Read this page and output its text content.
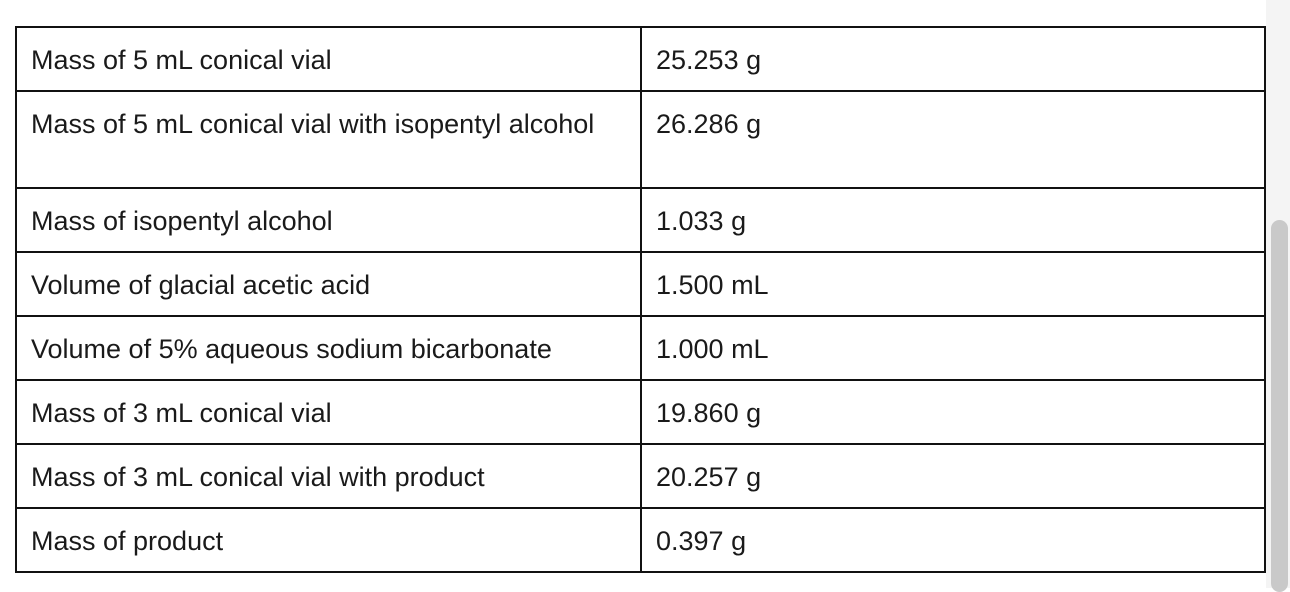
Mass of 5 mL conical vial	25.253 g
Mass of 5 mL conical vial with isopentyl alcohol	26.286 g
Mass of isopentyl alcohol	1.033 g
Volume of glacial acetic acid	1.500 mL
Volume of 5% aqueous sodium bicarbonate	1.000 mL
Mass of 3 mL conical vial	19.860 g
Mass of 3 mL conical vial with product	20.257 g
Mass of product	0.397 g
